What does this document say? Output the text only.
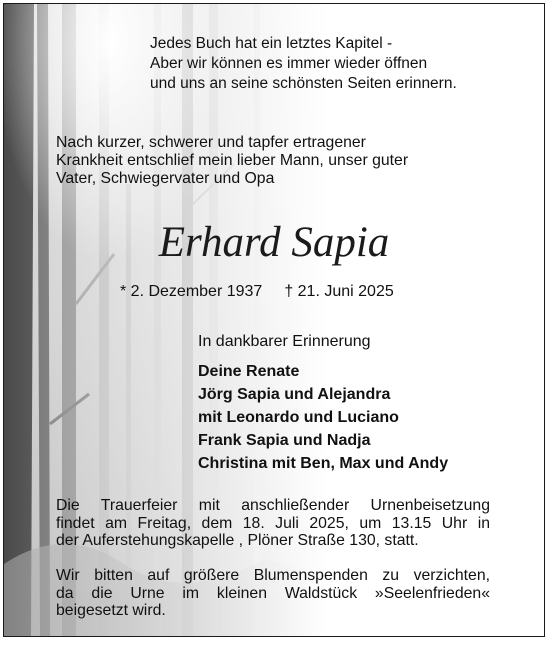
Jedes Buch hat ein letztes Kapitel -
Aber wir können es immer wieder öffnen
und uns an seine schönsten Seiten erinnern.
Nach kurzer, schwerer und tapfer ertragener
Krankheit entschlief mein lieber Mann, unser guter
Vater, Schwiegervater und Opa
Erhard Sapia
* 2. Dezember 1937 † 21. Juni 2025
In dankbarer Erinnerung
Deine Renate
Jörg Sapia und Alejandra
mit Leonardo und Luciano
Frank Sapia und Nadja
Christina mit Ben, Max und Andy
Die Trauerfeier mit anschließender Urnenbeisetzung
findet am Freitag, dem 18. Juli 2025, um 13.15 Uhr in
der Auferstehungskapelle , Plöner Straße 130, statt.
Wir bitten auf größere Blumenspenden zu verzichten,
da die Urne im kleinen Waldstück »Seelenfrieden«
beigesetzt wird.
